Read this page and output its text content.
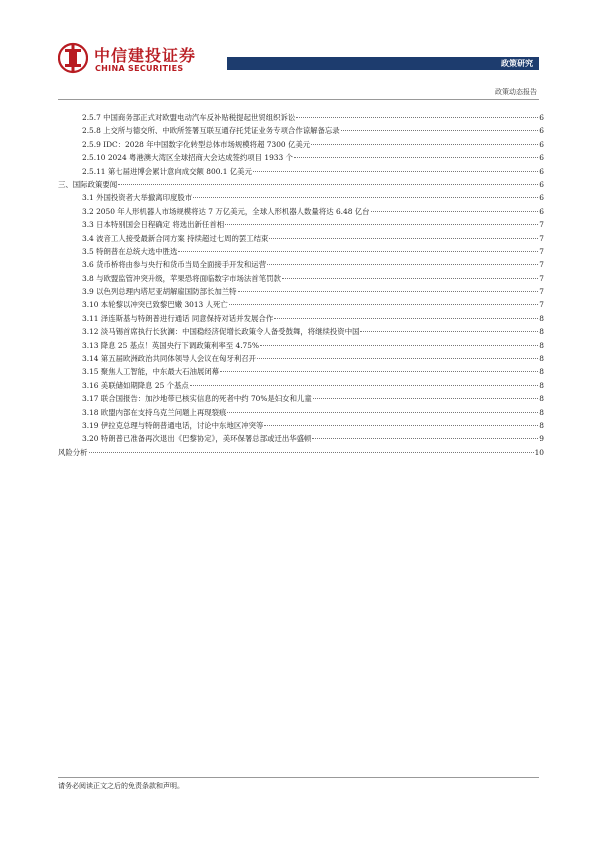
中信建投证券
CHINA SECURITIES
政策研究
政策动态报告
2.5.7 中国商务部正式对欧盟电动汽车反补贴税提起世贸组织诉讼	6
2.5.8 上交所与德交所、中欧所签署互联互通存托凭证业务专项合作谅解备忘录	6
2.5.9 IDC：2028 年中国数字化转型总体市场规模将超 7300 亿美元	6
2.5.10 2024 粤港澳大湾区全球招商大会达成签约项目 1933 个	6
2.5.11 第七届进博会累计意向成交额 800.1 亿美元	6
三、国际政策要闻	6
3.1 外国投资者大举撤离印度股市	6
3.2 2050 年人形机器人市场规模将达 7 万亿美元，全球人形机器人数量将达 6.48 亿台	6
3.3 日本特别国会日程确定 将选出新任首相	7
3.4 波音工人接受最新合同方案 持续超过七周的罢工结束	7
3.5 特朗普在总统大选中胜选	7
3.6 货币桥将由参与央行和货币当局全面接手开发和运营	7
3.8 与欧盟监管冲突升级，苹果恐将面临数字市场法首笔罚款	7
3.9 以色列总理内塔尼亚胡解雇国防部长加兰特	7
3.10 本轮黎以冲突已致黎巴嫩 3013 人死亡	7
3.11 泽连斯基与特朗普进行通话 同意保持对话并发展合作	8
3.12 淡马锡首席执行长狄澜：中国稳经济促增长政策令人备受鼓舞，将继续投资中国	8
3.13 降息 25 基点！英国央行下调政策利率至 4.75%	8
3.14 第五届欧洲政治共同体领导人会议在匈牙利召开	8
3.15 聚焦人工智能，中东最大石油展闭幕	8
3.16 美联储如期降息 25 个基点	8
3.17 联合国报告：加沙地带已核实信息的死者中约 70%是妇女和儿童	8
3.18 欧盟内部在支持乌克兰问题上再现裂痕	8
3.19 伊拉克总理与特朗普通电话，讨论中东地区冲突等	8
3.20 特朗普已准备再次退出《巴黎协定》，美环保署总部或迁出华盛顿	9
风险分析	10
请务必阅读正文之后的免责条款和声明。
